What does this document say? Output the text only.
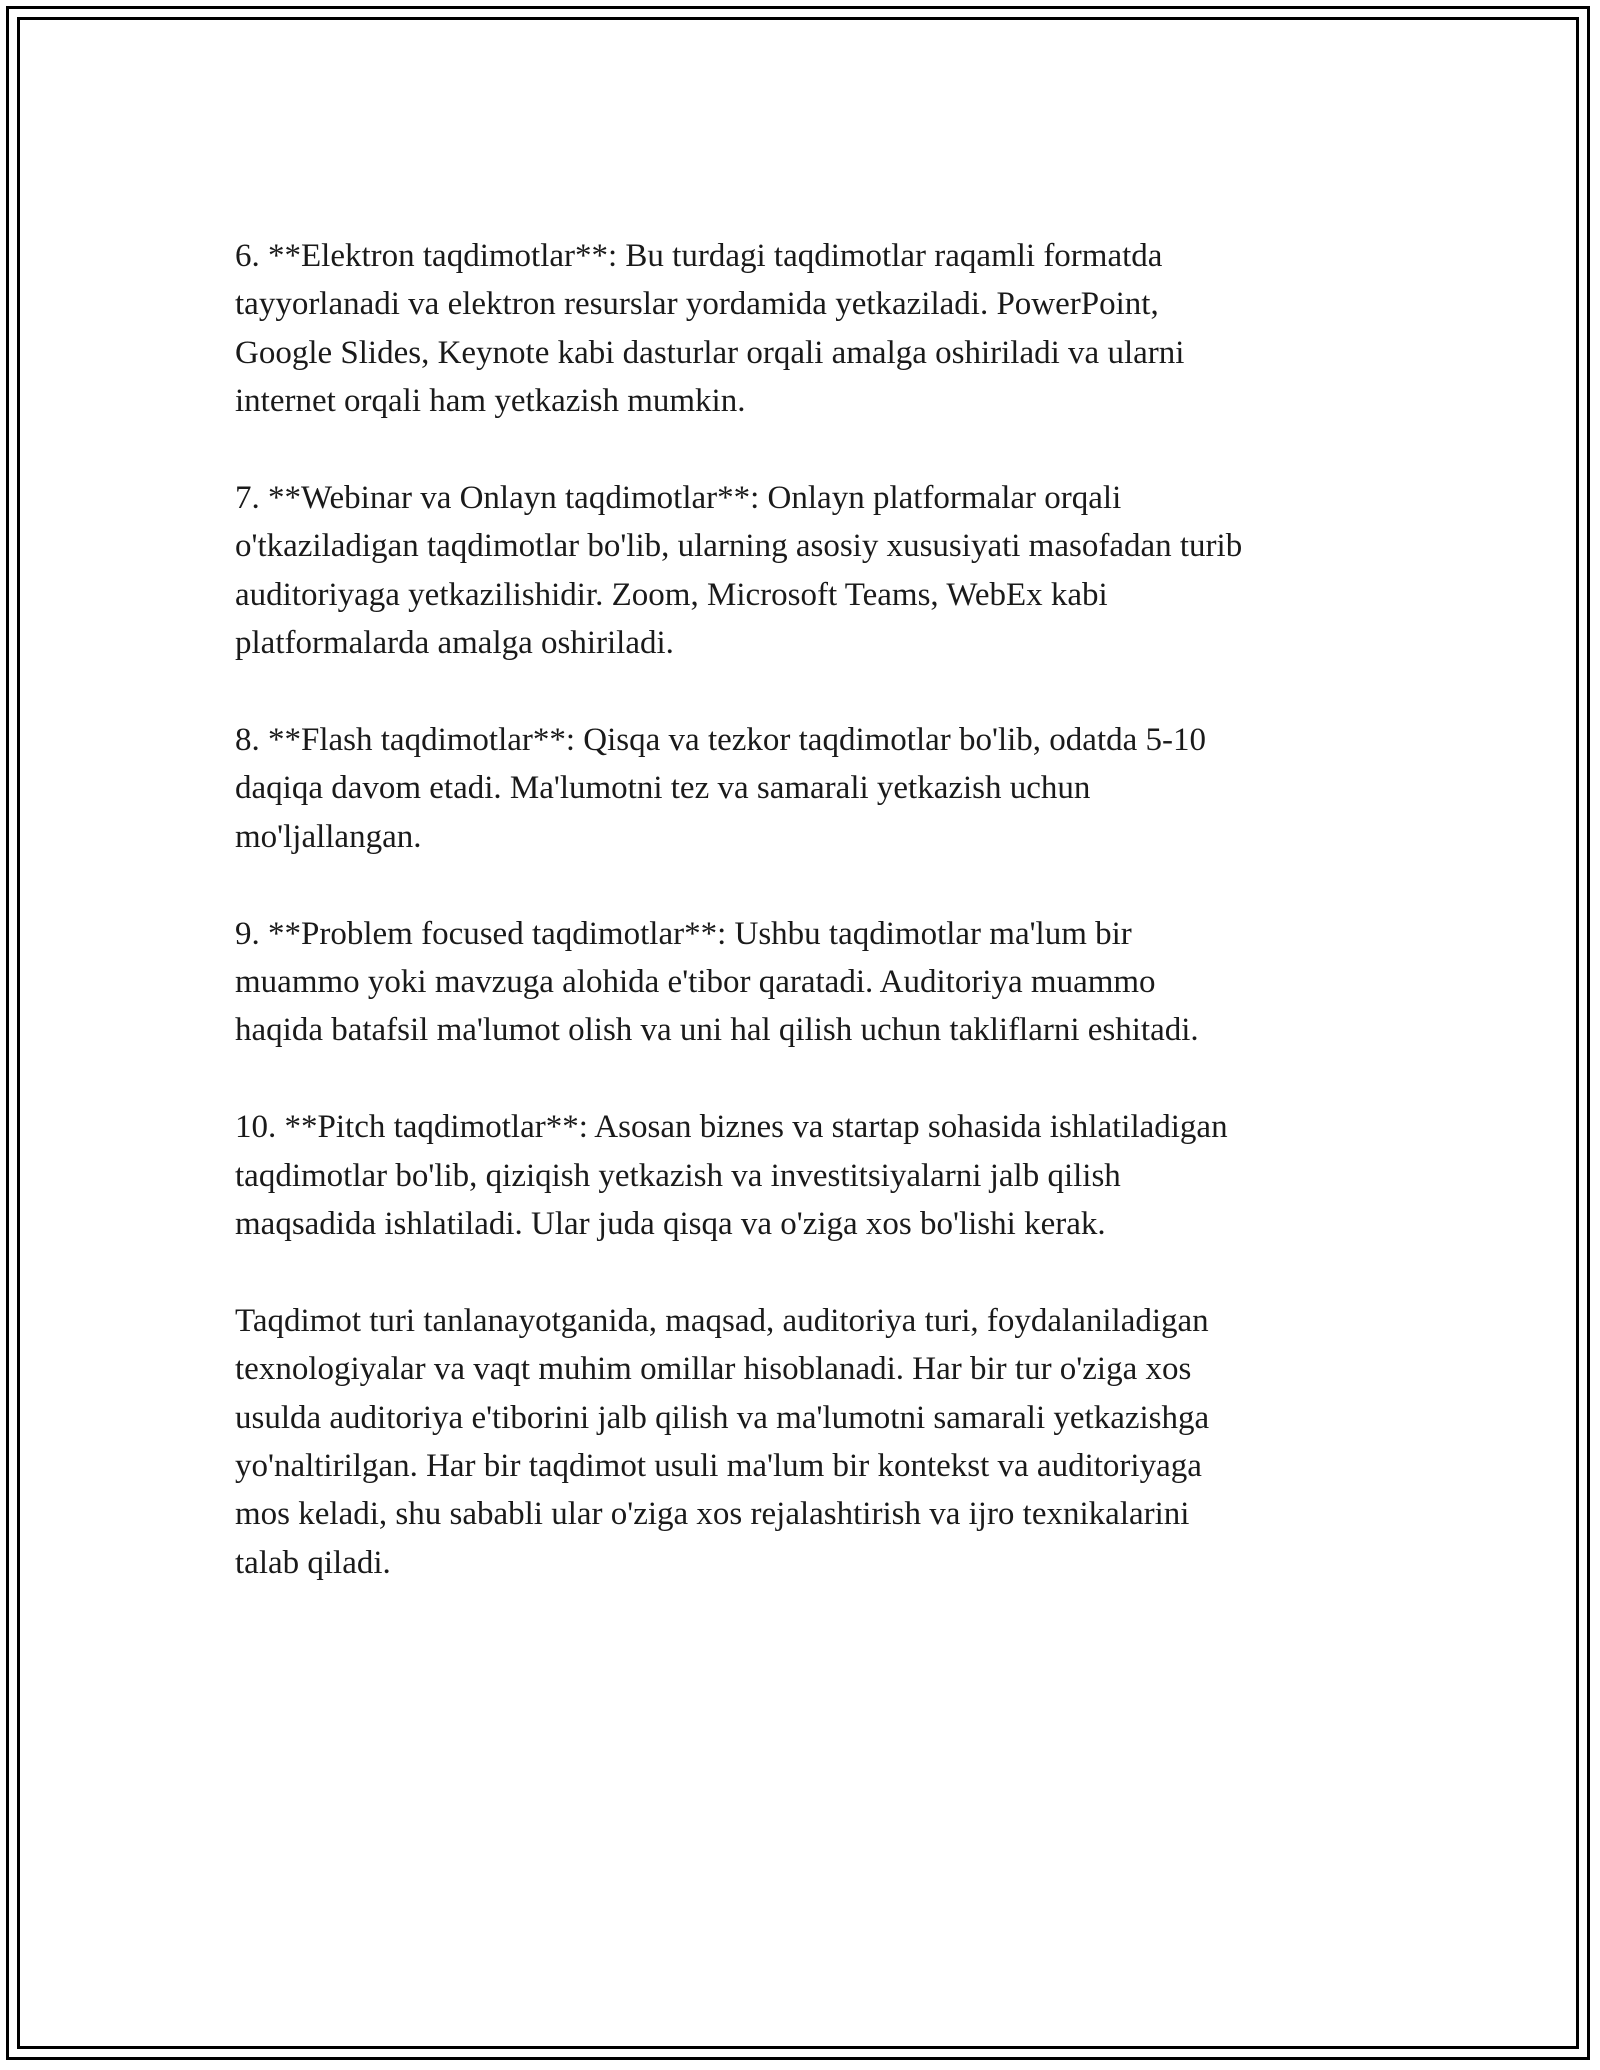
6. **Elektron taqdimotlar**: Bu turdagi taqdimotlar raqamli formatda
tayyorlanadi va elektron resurslar yordamida yetkaziladi. PowerPoint,
Google Slides, Keynote kabi dasturlar orqali amalga oshiriladi va ularni
internet orqali ham yetkazish mumkin.

7. **Webinar va Onlayn taqdimotlar**: Onlayn platformalar orqali
o'tkaziladigan taqdimotlar bo'lib, ularning asosiy xususiyati masofadan turib
auditoriyaga yetkazilishidir. Zoom, Microsoft Teams, WebEx kabi
platformalarda amalga oshiriladi.

8. **Flash taqdimotlar**: Qisqa va tezkor taqdimotlar bo'lib, odatda 5-10
daqiqa davom etadi. Ma'lumotni tez va samarali yetkazish uchun
mo'ljallangan.

9. **Problem focused taqdimotlar**: Ushbu taqdimotlar ma'lum bir
muammo yoki mavzuga alohida e'tibor qaratadi. Auditoriya muammo
haqida batafsil ma'lumot olish va uni hal qilish uchun takliflarni eshitadi.

10. **Pitch taqdimotlar**: Asosan biznes va startap sohasida ishlatiladigan
taqdimotlar bo'lib, qiziqish yetkazish va investitsiyalarni jalb qilish
maqsadida ishlatiladi. Ular juda qisqa va o'ziga xos bo'lishi kerak.

Taqdimot turi tanlanayotganida, maqsad, auditoriya turi, foydalaniladigan
texnologiyalar va vaqt muhim omillar hisoblanadi. Har bir tur o'ziga xos
usulda auditoriya e'tiborini jalb qilish va ma'lumotni samarali yetkazishga
yo'naltirilgan. Har bir taqdimot usuli ma'lum bir kontekst va auditoriyaga
mos keladi, shu sababli ular o'ziga xos rejalashtirish va ijro texnikalarini
talab qiladi.
